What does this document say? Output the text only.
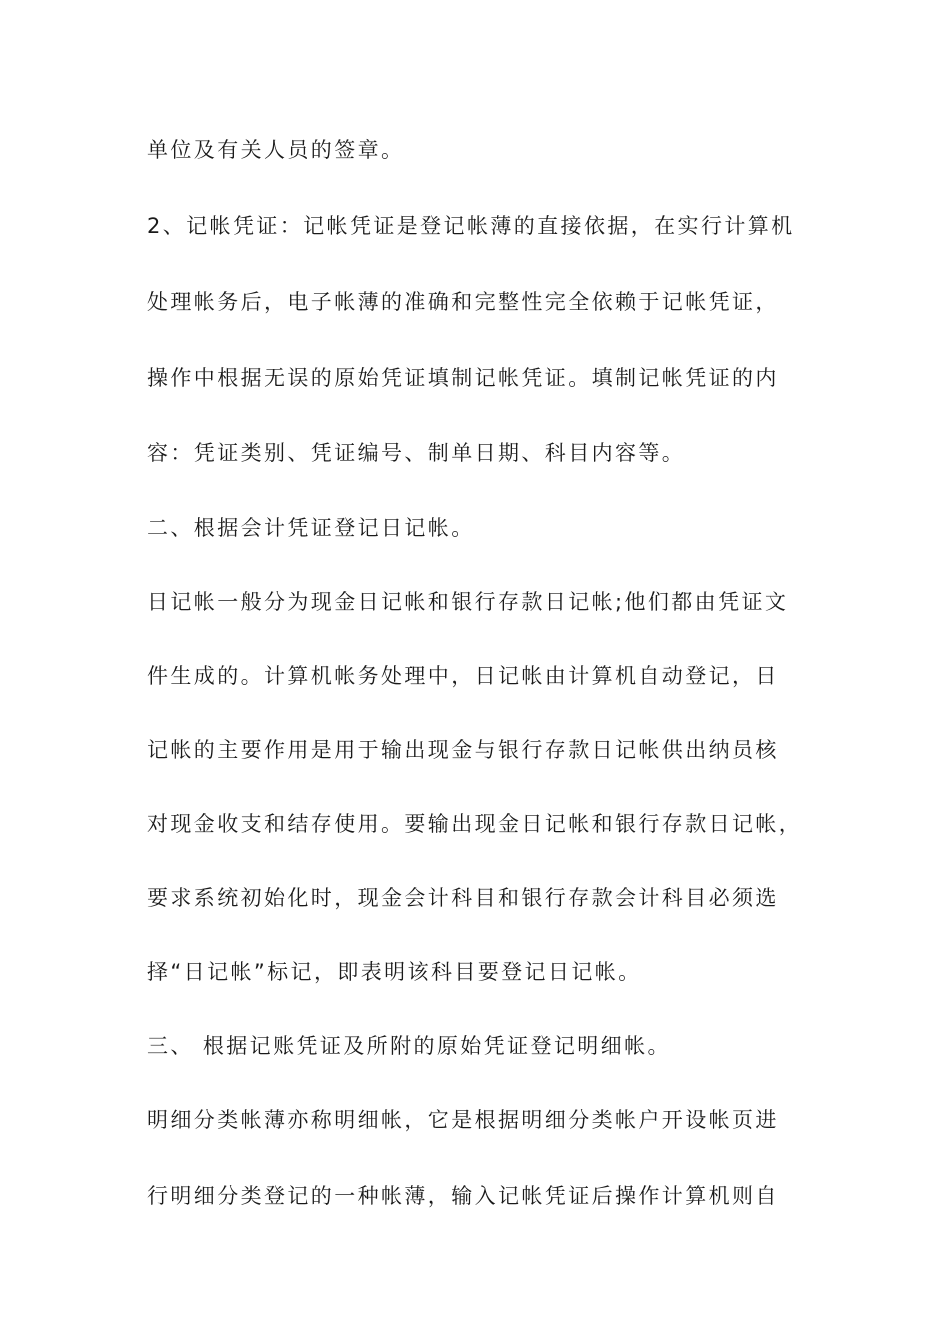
单位及有关人员的签章。
2、记帐凭证：记帐凭证是登记帐薄的直接依据，在实行计算机
处理帐务后，电子帐薄的准确和完整性完全依赖于记帐凭证，
操作中根据无误的原始凭证填制记帐凭证。填制记帐凭证的内
容：凭证类别、凭证编号、制单日期、科目内容等。
二、根据会计凭证登记日记帐。
日记帐一般分为现金日记帐和银行存款日记帐;他们都由凭证文
件生成的。计算机帐务处理中，日记帐由计算机自动登记，日
记帐的主要作用是用于输出现金与银行存款日记帐供出纳员核
对现金收支和结存使用。要输出现金日记帐和银行存款日记帐，
要求系统初始化时，现金会计科目和银行存款会计科目必须选
择“日记帐”标记，即表明该科目要登记日记帐。
三、 根据记账凭证及所附的原始凭证登记明细帐。
明细分类帐薄亦称明细帐，它是根据明细分类帐户开设帐页进
行明细分类登记的一种帐薄，输入记帐凭证后操作计算机则自
